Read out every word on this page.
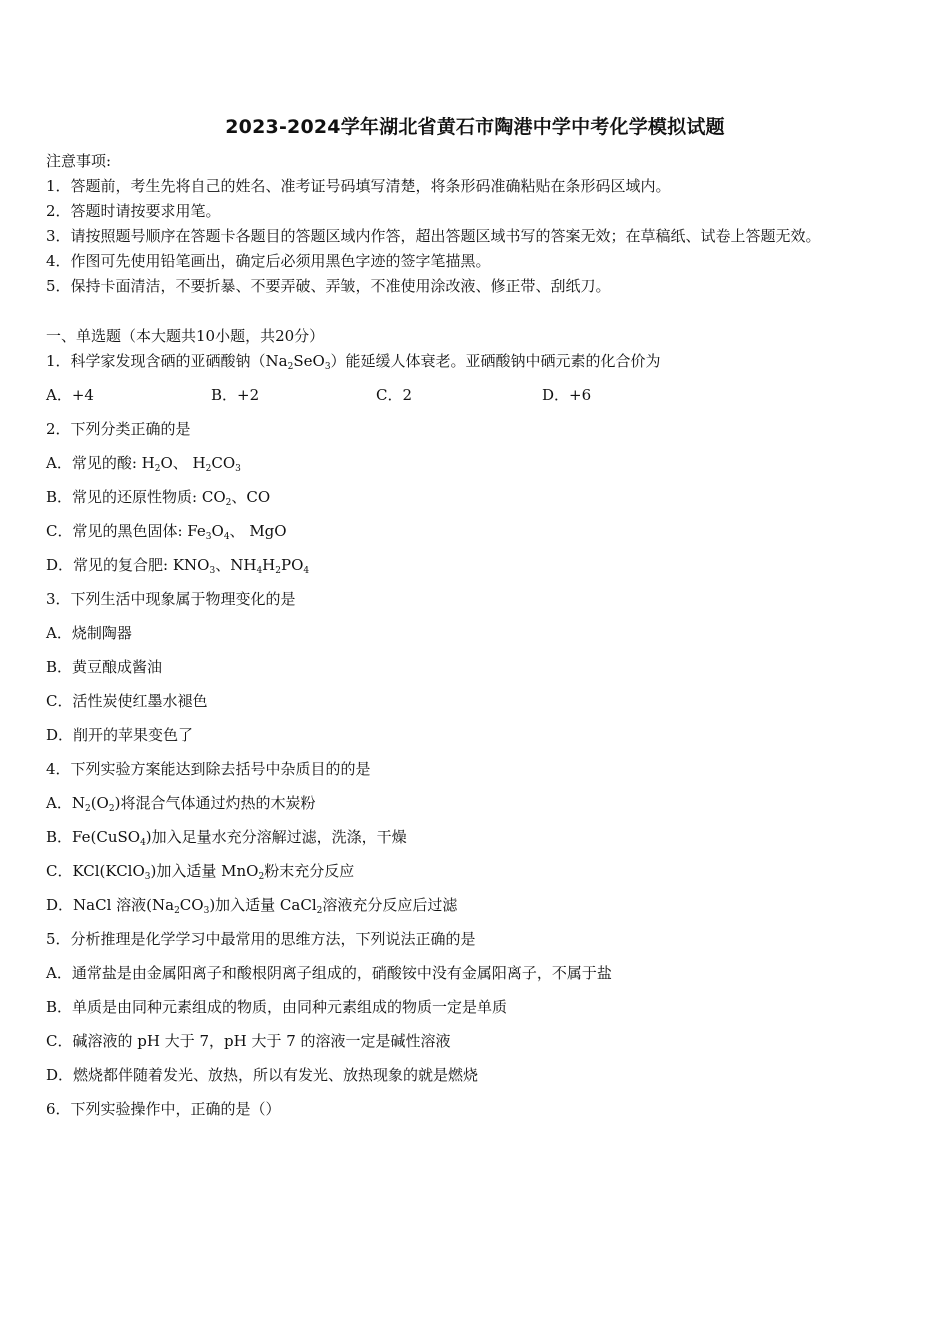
2023-2024学年湖北省黄石市陶港中学中考化学模拟试题
注意事项:
1．答题前，考生先将自己的姓名、准考证号码填写清楚，将条形码准确粘贴在条形码区域内。
2．答题时请按要求用笔。
3．请按照题号顺序在答题卡各题目的答题区域内作答，超出答题区域书写的答案无效；在草稿纸、试卷上答题无效。
4．作图可先使用铅笔画出，确定后必须用黑色字迹的签字笔描黑。
5．保持卡面清洁，不要折暴、不要弄破、弄皱，不准使用涂改液、修正带、刮纸刀。
一、单选题（本大题共10小题，共20分）
1．科学家发现含硒的亚硒酸钠$(Na_2SeO_3)$能延缓人体衰老。亚硒酸钠中硒元素的化合价为
A．+4	B．+2	C．2	D．+6
2．下列分类正确的是
A．常见的酸: $H_2O$、 $H_2CO_3$
B．常见的还原性物质: $CO_2$、CO
C．常见的黑色固体: $Fe_3O_4$、 MgO
D．常见的复合肥: $KNO_3$、$NH_4H_2PO_4$
3．下列生活中现象属于物理变化的是
A．烧制陶器
B．黄豆酿成酱油
C．活性炭使红墨水褪色
D．削开的苹果变色了
4．下列实验方案能达到除去括号中杂质目的的是
A．$N_2(O_2)$将混合气体通过灼热的木炭粉
B．Fe(CuSO$_4$)加入足量水充分溶解过滤，洗涤，干燥
C．KCl(KClO$_3$)加入适量 MnO$_2$粉末充分反应
D．NaCl 溶液$(Na_2CO_3)$加入适量 CaCl$_2$溶液充分反应后过滤
5．分析推理是化学学习中最常用的思维方法，下列说法正确的是
A．通常盐是由金属阳离子和酸根阴离子组成的，硝酸铵中没有金属阳离子，不属于盐
B．单质是由同种元素组成的物质，由同种元素组成的物质一定是单质
C．碱溶液的 pH 大于 7，pH 大于 7 的溶液一定是碱性溶液
D．燃烧都伴随着发光、放热，所以有发光、放热现象的就是燃烧
6．下列实验操作中，正确的是（）
